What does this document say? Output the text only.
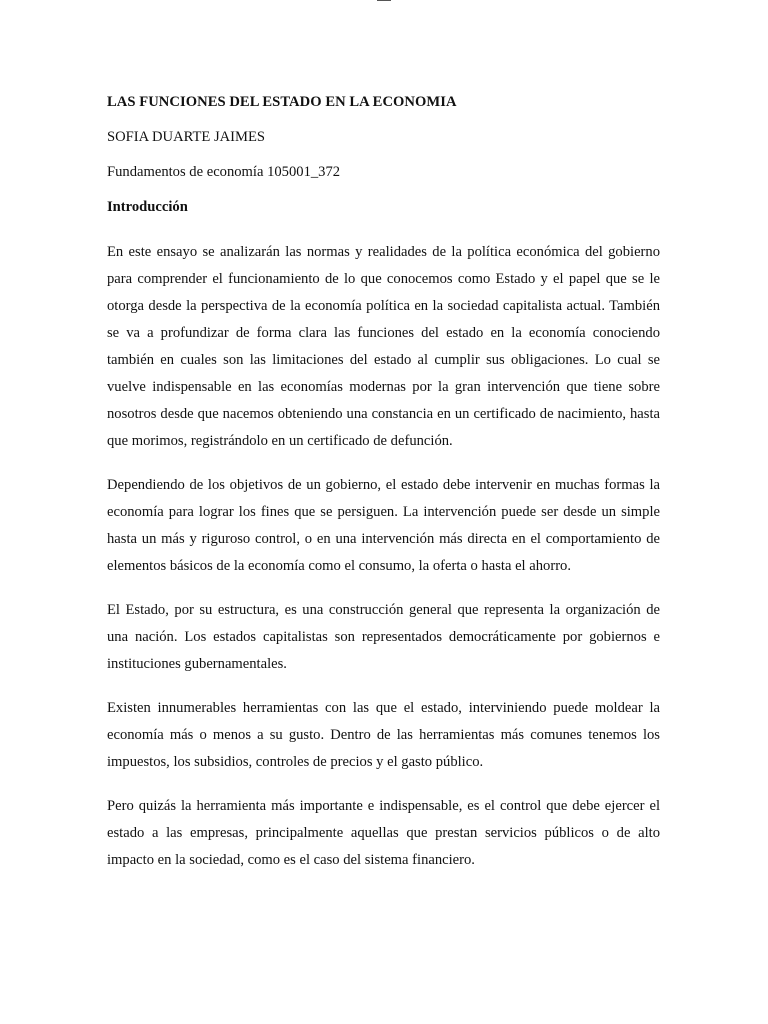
LAS FUNCIONES DEL ESTADO EN LA ECONOMIA
SOFIA DUARTE JAIMES
Fundamentos de economía 105001_372
Introducción

En este ensayo se analizarán las normas y realidades de la política económica del gobierno para comprender el funcionamiento de lo que conocemos como Estado y el papel que se le otorga desde la perspectiva de la economía política en la sociedad capitalista actual. También se va a profundizar de forma clara las funciones del estado en la economía conociendo también en cuales son las limitaciones del estado al cumplir sus obligaciones. Lo cual se vuelve indispensable en las economías modernas por la gran intervención que tiene sobre nosotros desde que nacemos obteniendo una constancia en un certificado de nacimiento, hasta que morimos, registrándolo en un certificado de defunción.

Dependiendo de los objetivos de un gobierno, el estado debe intervenir en muchas formas la economía para lograr los fines que se persiguen. La intervención puede ser desde un simple hasta un más y riguroso control, o en una intervención más directa en el comportamiento de elementos básicos de la economía como el consumo, la oferta o hasta el ahorro.

El Estado, por su estructura, es una construcción general que representa la organización de una nación. Los estados capitalistas son representados democráticamente por gobiernos e instituciones gubernamentales.

Existen innumerables herramientas con las que el estado, interviniendo puede moldear la economía más o menos a su gusto. Dentro de las herramientas más comunes tenemos los impuestos, los subsidios, controles de precios y el gasto público.

Pero quizás la herramienta más importante e indispensable, es el control que debe ejercer el estado a las empresas, principalmente aquellas que prestan servicios públicos o de alto impacto en la sociedad, como es el caso del sistema financiero.
